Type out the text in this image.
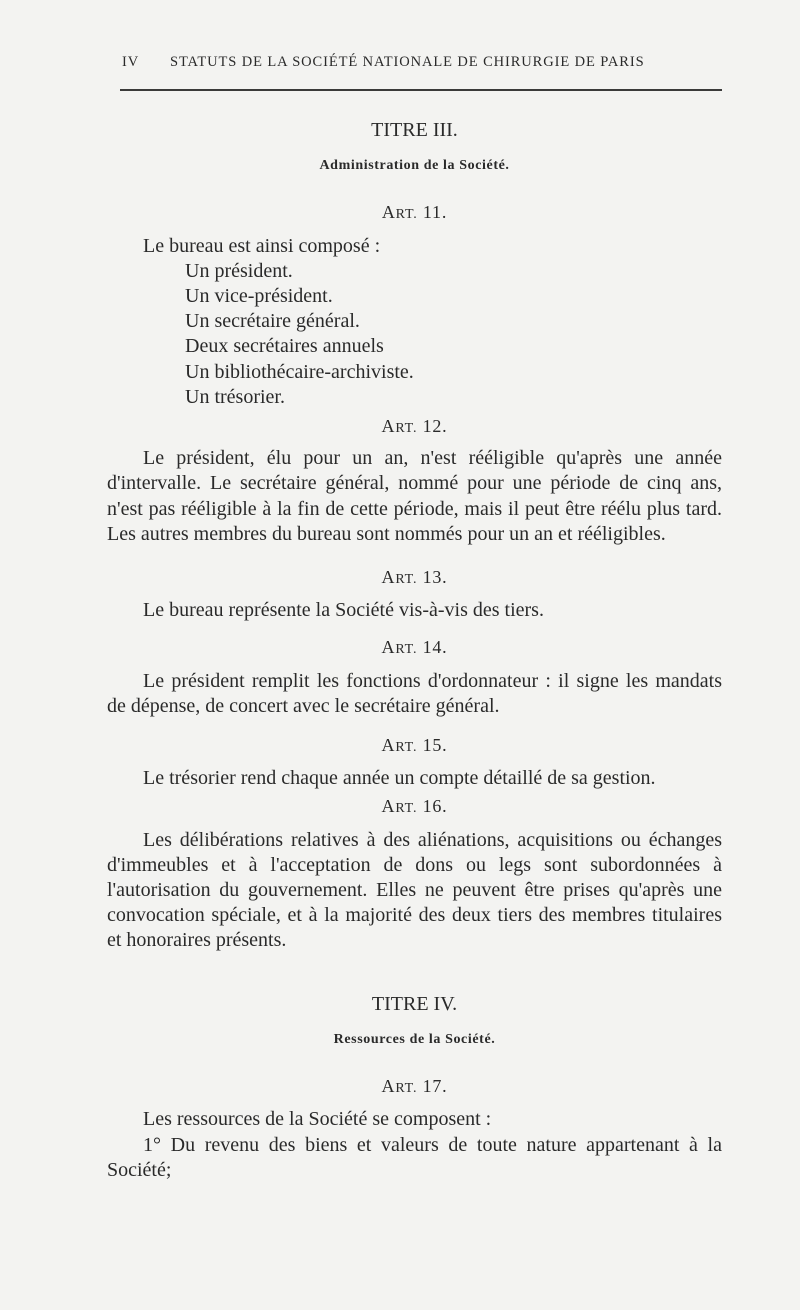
IV STATUTS DE LA SOCIÉTÉ NATIONALE DE CHIRURGIE DE PARIS

TITRE III.

Administration de la Société.

ART. 11.

Le bureau est ainsi composé :

Un président.
Un vice-président.
Un secrétaire général.
Deux secrétaires annuels
Un bibliothécaire-archiviste.
Un trésorier.

ART. 12.

Le président, élu pour un an, n'est rééligible qu'après une année d'intervalle. Le secrétaire général, nommé pour une période de cinq ans, n'est pas rééligible à la fin de cette période, mais il peut être réélu plus tard. Les autres membres du bureau sont nommés pour un an et rééligibles.

ART. 13.

Le bureau représente la Société vis-à-vis des tiers.

ART. 14.

Le président remplit les fonctions d'ordonnateur : il signe les mandats de dépense, de concert avec le secrétaire général.

ART. 15.

Le trésorier rend chaque année un compte détaillé de sa gestion.

ART. 16.

Les délibérations relatives à des aliénations, acquisitions ou échanges d'immeubles et à l'acceptation de dons ou legs sont subordonnées à l'autorisation du gouvernement. Elles ne peuvent être prises qu'après une convocation spéciale, et à la majorité des deux tiers des membres titulaires et honoraires présents.

TITRE IV.

Ressources de la Société.

ART. 17.

Les ressources de la Société se composent :

1° Du revenu des biens et valeurs de toute nature appartenant à la Société;
